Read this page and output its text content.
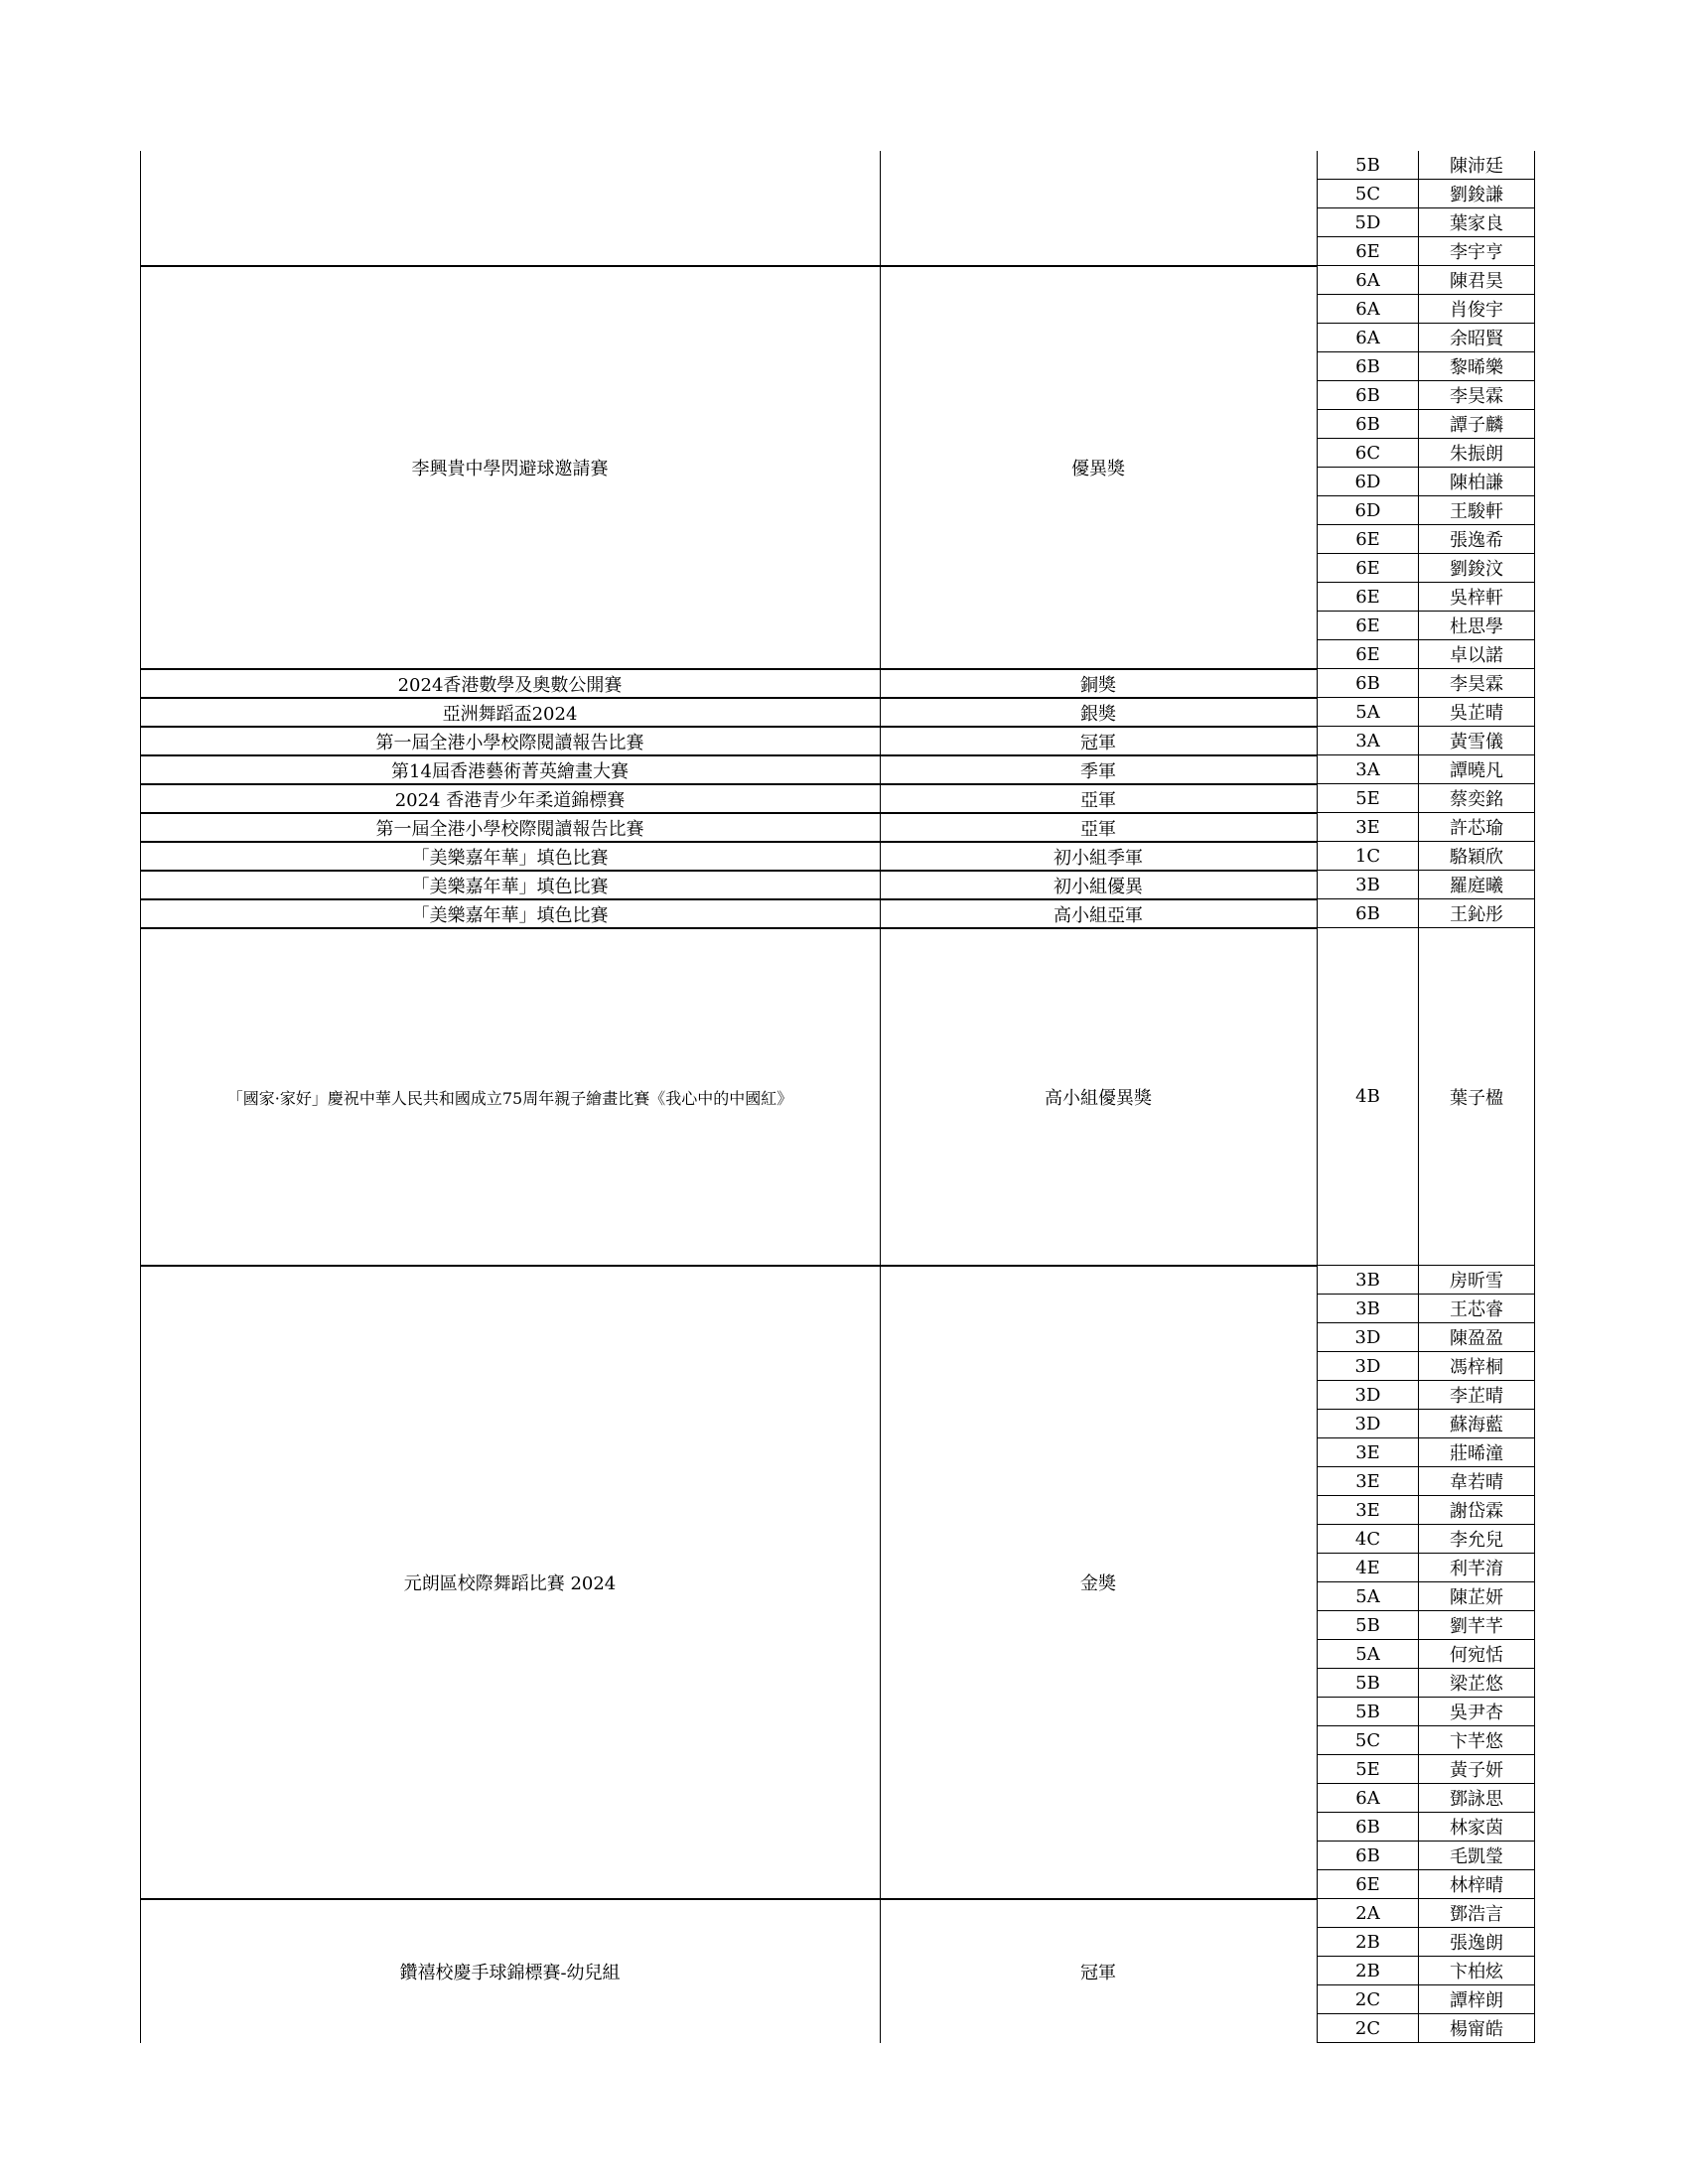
5B	陳沛廷
5C	劉鋑謙
5D	葉家良
6E	李宇亨
李興貴中學閃避球邀請賽	優異獎
6A	陳君昊
6A	肖俊宇
6A	余昭賢
6B	黎晞樂
6B	李昊霖
6B	譚子麟
6C	朱振朗
6D	陳柏謙
6D	王駿軒
6E	張逸希
6E	劉鋑汶
6E	吳梓軒
6E	杜思學
6E	卓以諾
2024香港數學及奧數公開賽	銅獎	6B	李昊霖
亞洲舞蹈盃2024	銀獎	5A	吳芷晴
第一屆全港小學校際閱讀報告比賽	冠軍	3A	黃雪儀
第14屆香港藝術菁英繪畫大賽	季軍	3A	譚曉凡
2024 香港青少年柔道錦標賽	亞軍	5E	蔡奕銘
第一屆全港小學校際閱讀報告比賽	亞軍	3E	許芯瑜
「美樂嘉年華」填色比賽	初小組季軍	1C	駱穎欣
「美樂嘉年華」填色比賽	初小組優異	3B	羅庭曦
「美樂嘉年華」填色比賽	高小組亞軍	6B	王鈊彤
「國家·家好」慶祝中華人民共和國成立75周年親子繪畫比賽《我心中的中國紅》	高小組優異獎	4B	葉子楹
元朗區校際舞蹈比賽 2024	金獎
3B	房昕雪
3B	王芯睿
3D	陳盈盈
3D	馮梓桐
3D	李芷晴
3D	蘇海藍
3E	莊晞潼
3E	韋若晴
3E	謝岱霖
4C	李允兒
4E	利芊淯
5A	陳芷妍
5B	劉芊芊
5A	何宛恬
5B	梁芷悠
5B	吳尹杏
5C	卞芊悠
5E	黃子妍
6A	鄧詠思
6B	林家茵
6B	毛凱瑩
6E	林梓晴
鑽禧校慶手球錦標賽-幼兒組	冠軍
2A	鄧浩言
2B	張逸朗
2B	卞柏炫
2C	譚梓朗
2C	楊甯皓
